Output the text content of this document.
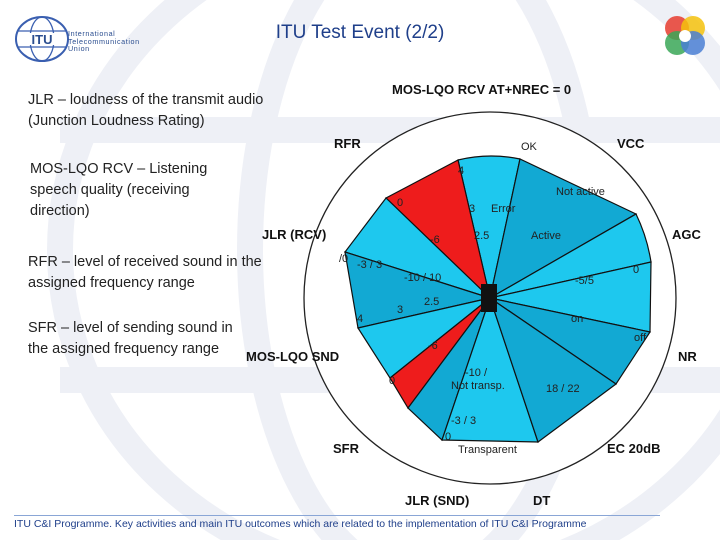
ITU International
Telecommunication
Union
ITU Test Event (2/2)
JLR – loudness of the transmit audio (Junction Loudness Rating)
MOS-LQO RCV – Listening speech quality (receiving direction)
RFR – level of received sound in the assigned frequency range
SFR – level of sending sound in the assigned frequency range
MOS-LQO RCV AT+NREC = 0
RFR	VCC
JLR (RCV)	AGC
MOS-LQO SND	NR
SFR	EC 20dB
JLR (SND)	DT
OK
Not active
Error
Active
4
3
2.5
0
-6
/0 -3 / 3
-10 / 10	-5/5
0
4
3
2.5
on
off
-6
0
-10 /
Not transp.	18 / 22
-3 / 3
0
Transparent
ITU C&I Programme. Key activities and main ITU outcomes which are related to the implementation of ITU C&I Programme
